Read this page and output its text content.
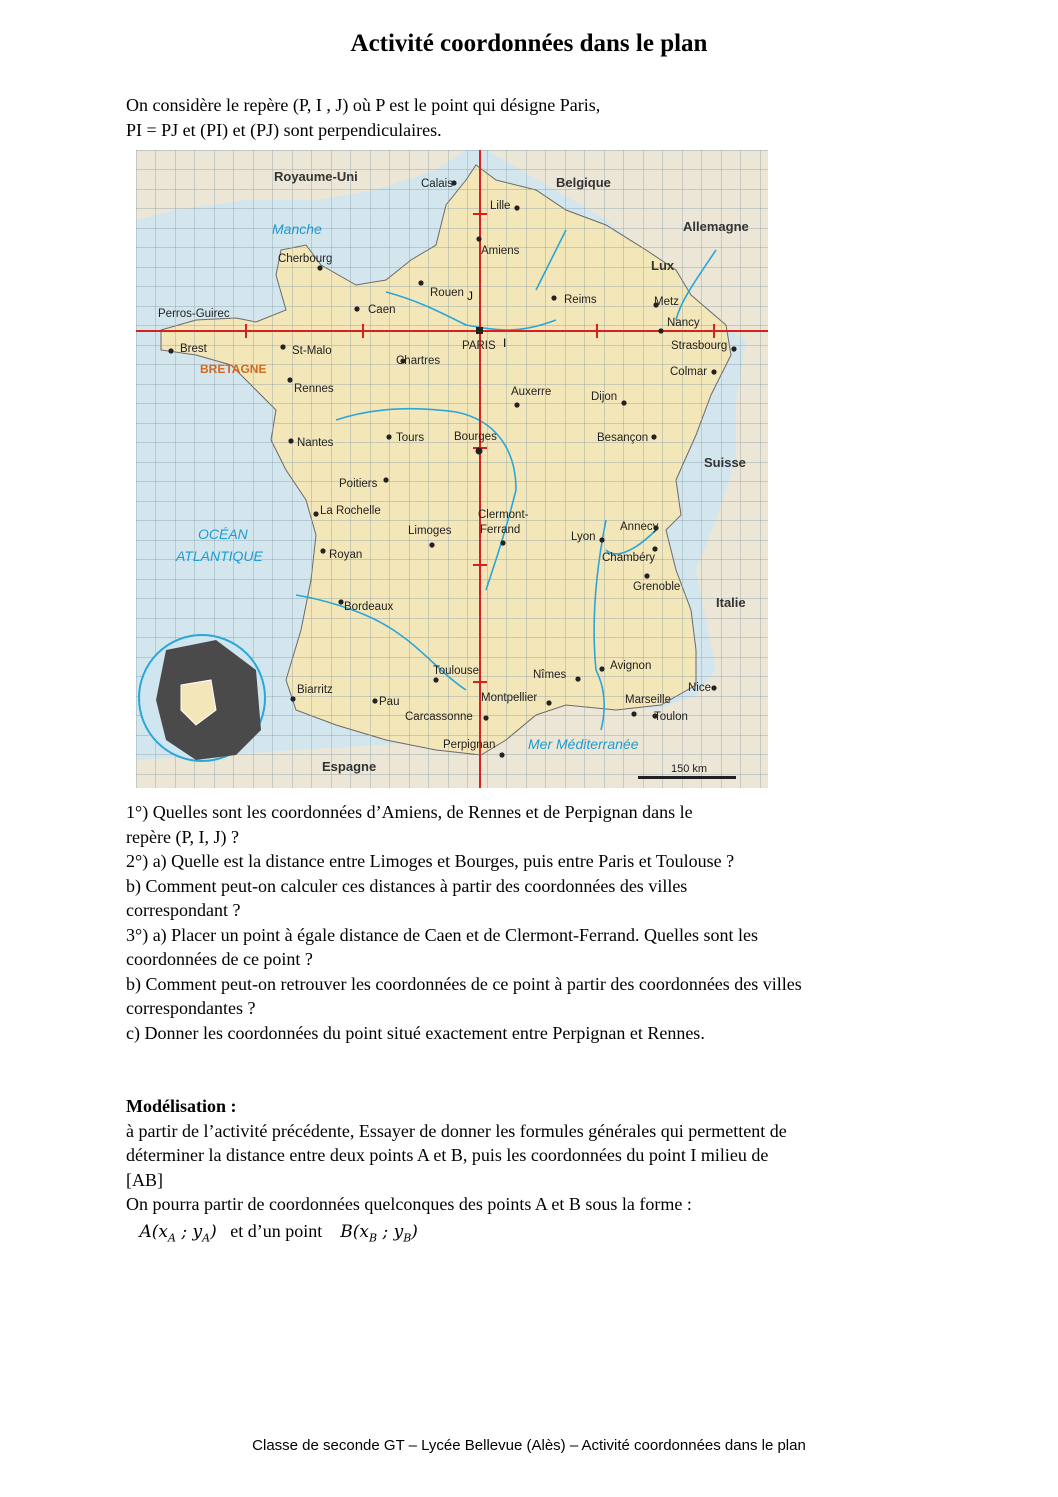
Activité coordonnées dans le plan
On considère le repère (P, I , J) où P est le point qui désigne Paris,
PI = PJ et (PI) et (PJ) sont perpendiculaires.
I
J
Royaume-Uni	Belgique
Allemagne
Lux
Suisse
Italie
Espagne
Manche
OCÉAN
ATLANTIQUE
Mer Méditerranée
BRETAGNE
Calais
Lille
Amiens
Cherbourg
Rouen
Reims	Metz
Nancy
Perros-Guirec	Caen
PARIS	Strasbourg
Brest	St-Malo
Chartres
Colmar
Rennes	Auxerre	Dijon
Nantes	Tours	Bourges	Besançon
Poitiers
La Rochelle	Clermont-
Ferrand
Limoges	Annecy
Lyon
Royan	Chambéry
Grenoble
Bordeaux
Toulouse	Nîmes
Avignon
Biarritz
Pau	Montpellier	Marseille
Nice
Carcassonne	Toulon
Perpignan
150 km
1°) Quelles sont les coordonnées d’Amiens, de Rennes et de Perpignan dans le
repère (P, I, J) ?
2°) a) Quelle est la distance entre Limoges et Bourges, puis entre Paris et Toulouse ?
b) Comment peut-on calculer ces distances à partir des coordonnées des villes
correspondant ?
3°) a) Placer un point à égale distance de Caen et de Clermont-Ferrand. Quelles sont les
coordonnées de ce point ?
b) Comment peut-on retrouver les coordonnées de ce point à partir des coordonnées des villes
correspondantes ?
c) Donner les coordonnées du point situé exactement entre Perpignan et Rennes.
Modélisation :
à partir de l’activité précédente, Essayer de donner les formules générales qui permettent de
déterminer la distance entre deux points A et B, puis les coordonnées du point I milieu de
[AB]
On pourra partir de coordonnées quelconques des points A et B sous la forme :
$A(x_A$ ; $y_A$) et d’un point $B(x_B$ ; $y_B$)
Classe de seconde GT – Lycée Bellevue (Alès) – Activité coordonnées dans le plan
